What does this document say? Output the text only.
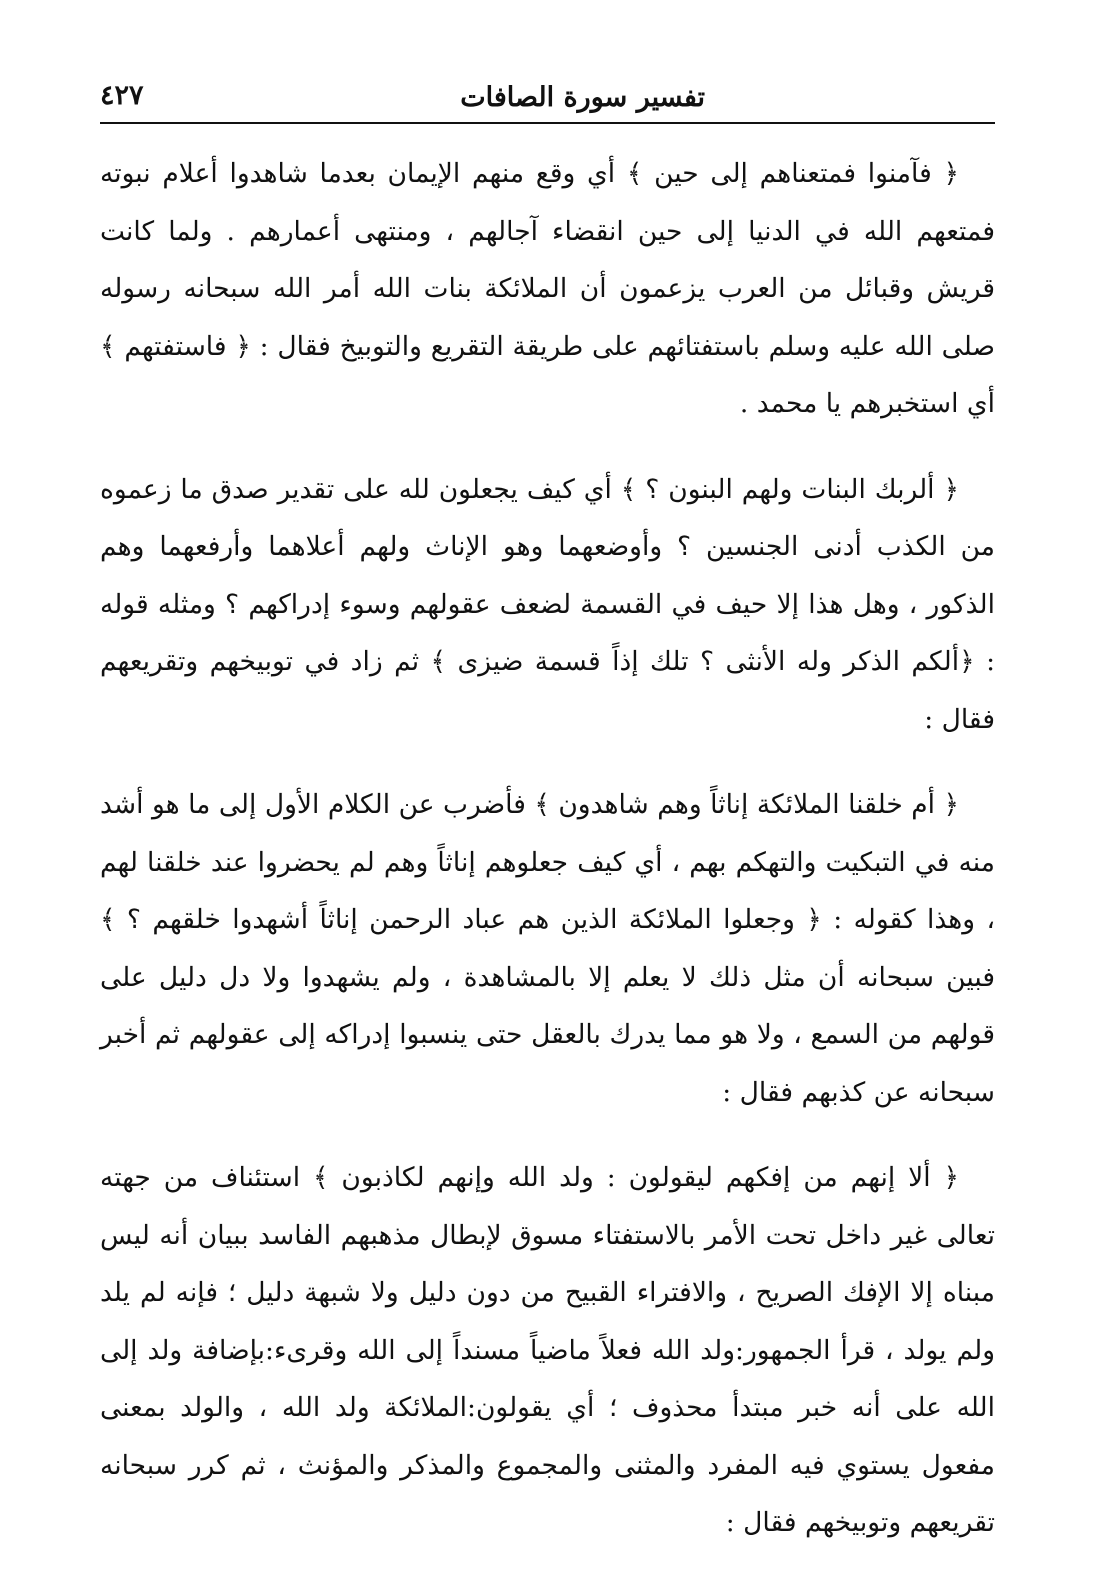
تفسير سورة الصافات
٤٢٧

﴿ فآمنوا فمتعناهم إلى حين ﴾ أي وقع منهم الإيمان بعدما شاهدوا أعلام نبوته فمتعهم الله في الدنيا إلى حين انقضاء آجالهم ، ومنتهى أعمارهم . ولما كانت قريش وقبائل من العرب يزعمون أن الملائكة بنات الله أمر الله سبحانه رسوله صلى الله عليه وسلم باستفتائهم على طريقة التقريع والتوبيخ فقال : ﴿ فاستفتهم ﴾ أي استخبرهم يا محمد .

﴿ ألربك البنات ولهم البنون ؟ ﴾ أي كيف يجعلون لله على تقدير صدق ما زعموه من الكذب أدنى الجنسين ؟ وأوضعهما وهو الإناث ولهم أعلاهما وأرفعهما وهم الذكور ، وهل هذا إلا حيف في القسمة لضعف عقولهم وسوء إدراكهم ؟ ومثله قوله : ﴿ألكم الذكر وله الأنثى ؟ تلك إذاً قسمة ضيزى ﴾ ثم زاد في توبيخهم وتقريعهم فقال :

﴿ أم خلقنا الملائكة إناثاً وهم شاهدون ﴾ فأضرب عن الكلام الأول إلى ما هو أشد منه في التبكيت والتهكم بهم ، أي كيف جعلوهم إناثاً وهم لم يحضروا عند خلقنا لهم ، وهذا كقوله : ﴿ وجعلوا الملائكة الذين هم عباد الرحمن إناثاً أشهدوا خلقهم ؟ ﴾ فبين سبحانه أن مثل ذلك لا يعلم إلا بالمشاهدة ، ولم يشهدوا ولا دل دليل على قولهم من السمع ، ولا هو مما يدرك بالعقل حتى ينسبوا إدراكه إلى عقولهم ثم أخبر سبحانه عن كذبهم فقال :

﴿ ألا إنهم من إفكهم ليقولون : ولد الله وإنهم لكاذبون ﴾ استئناف من جهته تعالى غير داخل تحت الأمر بالاستفتاء مسوق لإبطال مذهبهم الفاسد ببيان أنه ليس مبناه إلا الإفك الصريح ، والافتراء القبيح من دون دليل ولا شبهة دليل ؛ فإنه لم يلد ولم يولد ، قرأ الجمهور:ولد الله فعلاً ماضياً مسنداً إلى الله وقرىء:بإضافة ولد إلى الله على أنه خبر مبتدأ محذوف ؛ أي يقولون:الملائكة ولد الله ، والولد بمعنى مفعول يستوي فيه المفرد والمثنى والمجموع والمذكر والمؤنث ، ثم كرر سبحانه تقريعهم وتوبيخهم فقال :
